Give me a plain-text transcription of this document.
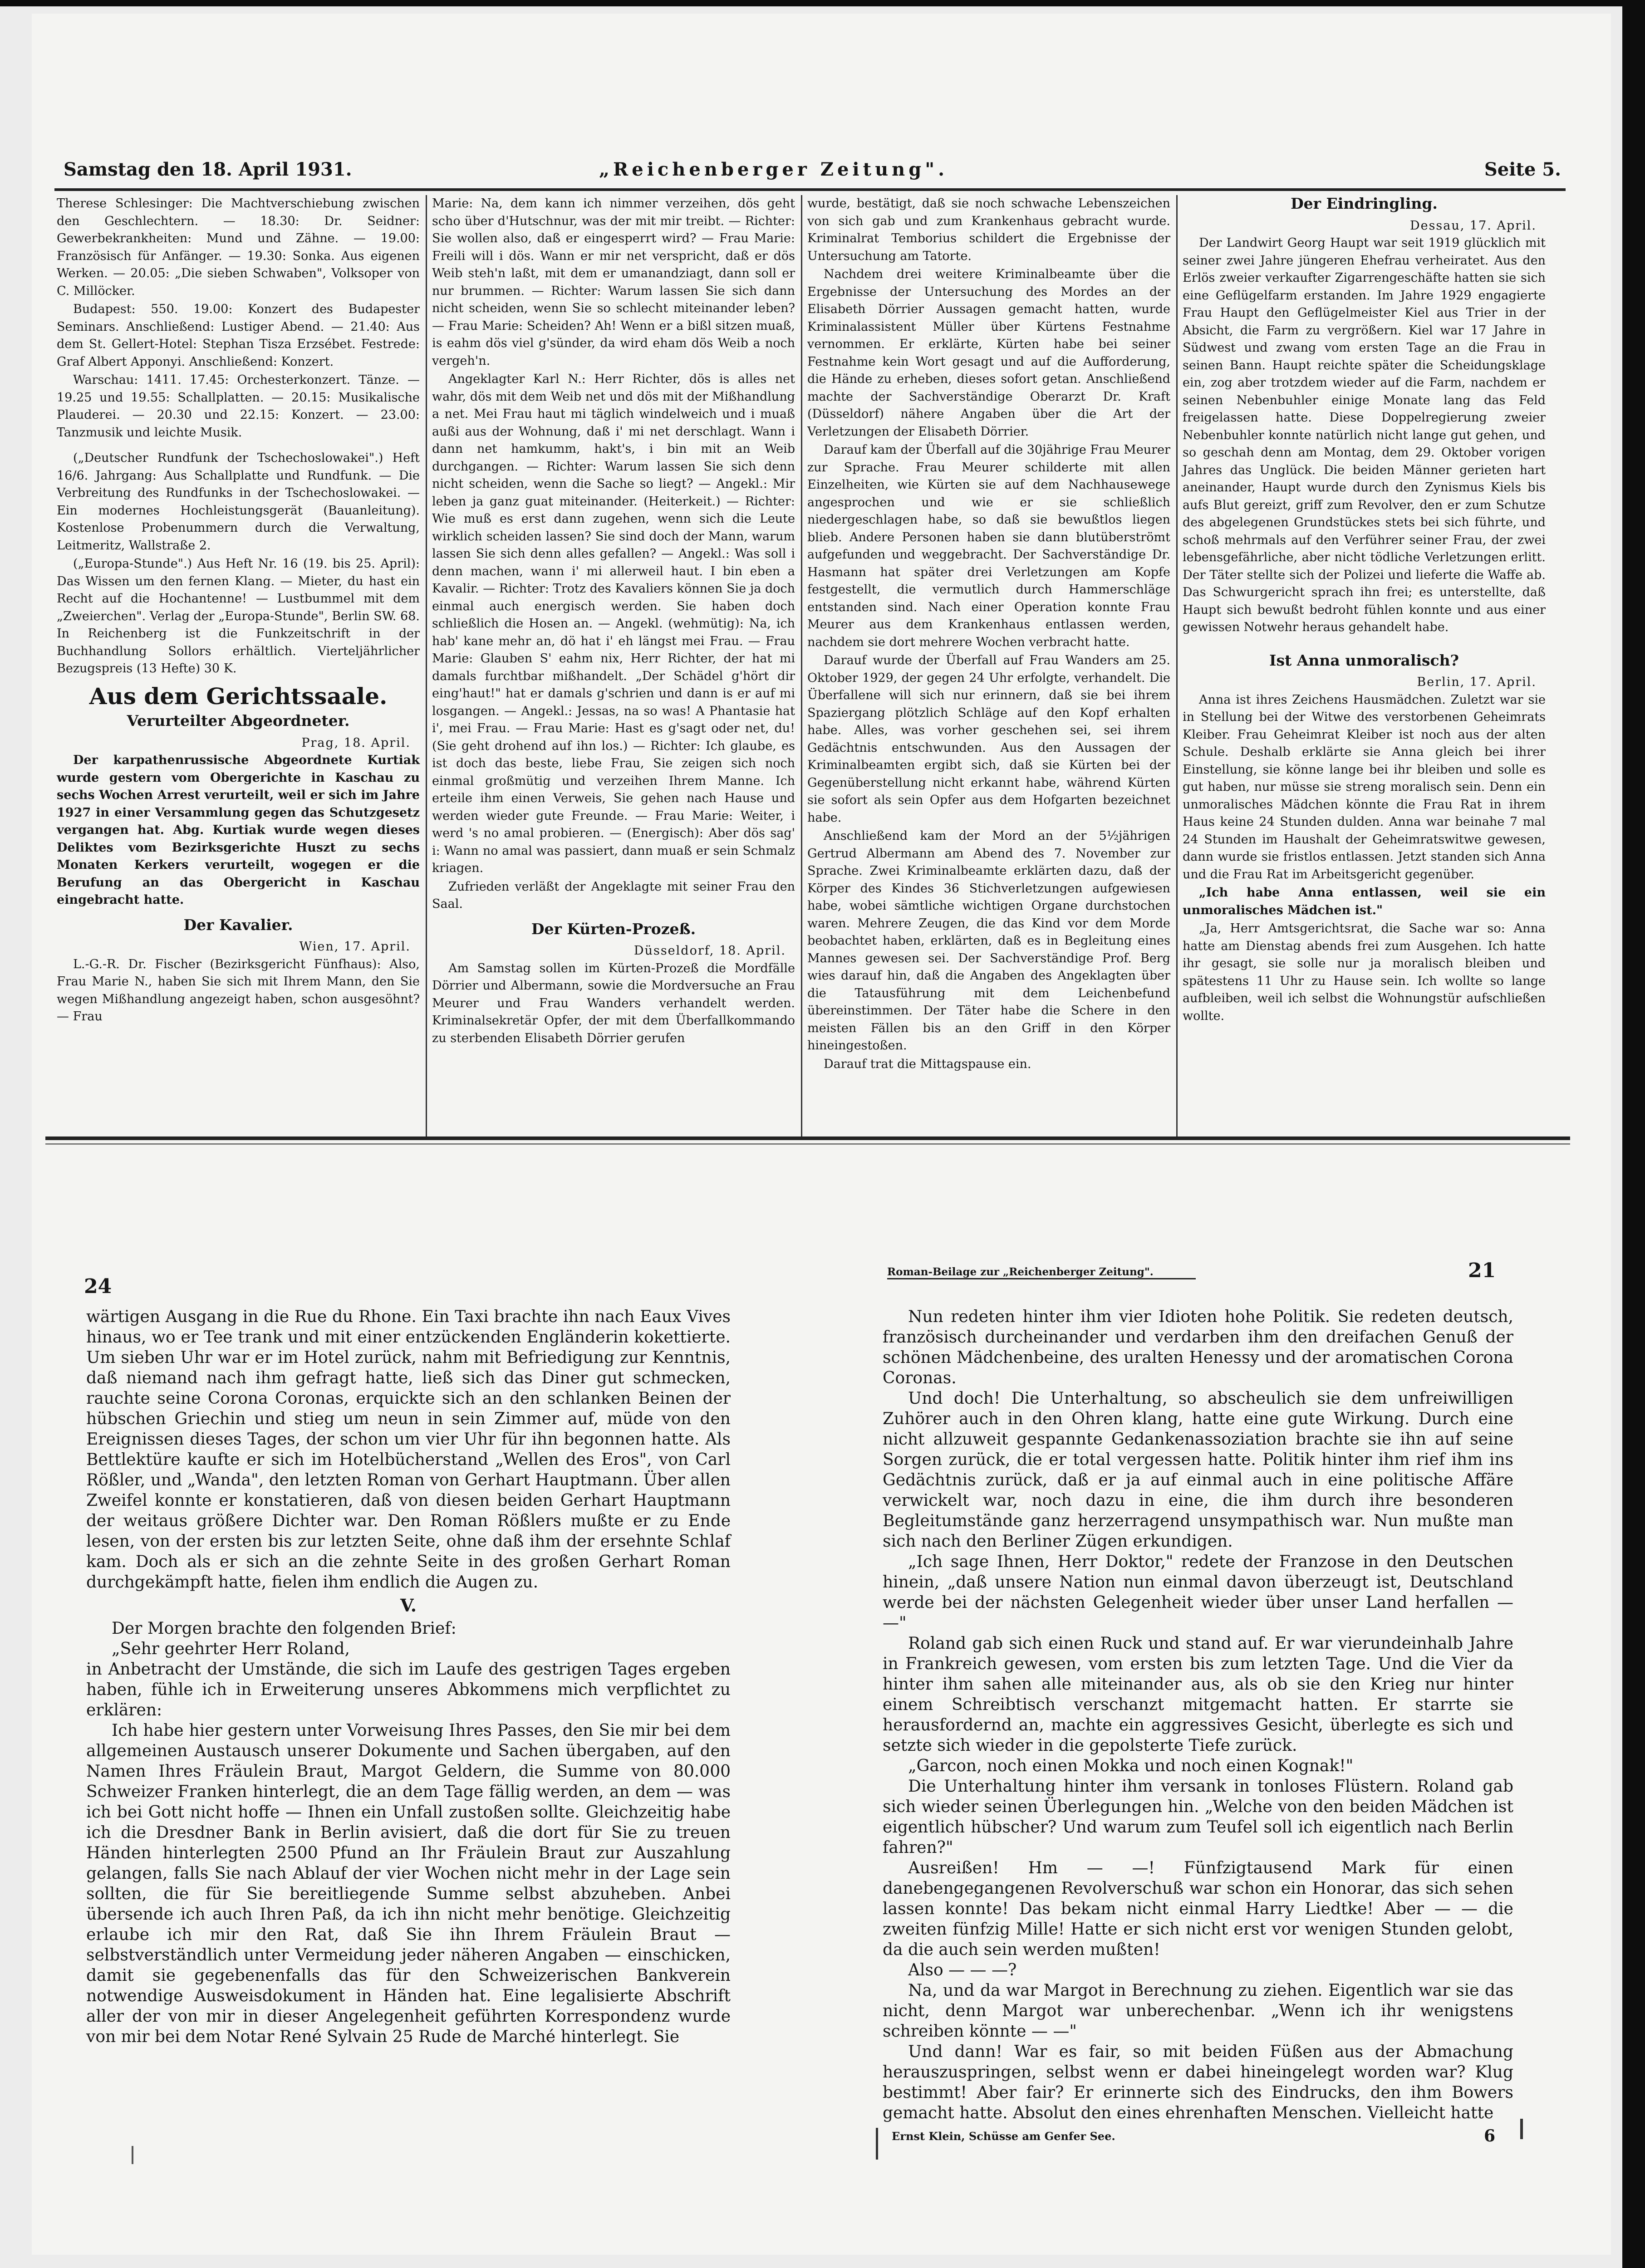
Samstag den 18. April 1931.	„Reichenberger Zeitung".	Seite 5.

Therese Schlesinger: Die Machtverschiebung zwischen den Geschlechtern. — 18.30: Dr. Seidner: Gewerbekrankheiten: Mund und Zähne. — 19.00: Französisch für Anfänger. — 19.30: Sonka. Aus eigenen Werken. — 20.05: „Die sieben Schwaben", Volksoper von C. Millöcker.

Budapest: 550. 19.00: Konzert des Budapester Seminars. Anschließend: Lustiger Abend. — 21.40: Aus dem St. Gellert-Hotel: Stephan Tisza Erzsébet. Festrede: Graf Albert Apponyi. Anschließend: Konzert.

Warschau: 1411. 17.45: Orchesterkonzert. Tänze. — 19.25 und 19.55: Schallplatten. — 20.15: Musikalische Plauderei. — 20.30 und 22.15: Konzert. — 23.00: Tanzmusik und leichte Musik.

(„Deutscher Rundfunk der Tschechoslowakei".) Heft 16/6. Jahrgang: Aus Schallplatte und Rundfunk. — Die Verbreitung des Rundfunks in der Tschechoslowakei. — Ein modernes Hochleistungsgerät (Bauanleitung). Kostenlose Probenummern durch die Verwaltung, Leitmeritz, Wallstraße 2.

(„Europa-Stunde".) Aus Heft Nr. 16 (19. bis 25. April): Das Wissen um den fernen Klang. — Mieter, du hast ein Recht auf die Hochantenne! — Lustbummel mit dem „Zweierchen". Verlag der „Europa-Stunde", Berlin SW. 68. In Reichenberg ist die Funkzeitschrift in der Buchhandlung Sollors erhältlich. Vierteljährlicher Bezugspreis (13 Hefte) 30 K.

Aus dem Gerichtssaale.
Verurteilter Abgeordneter.
Prag, 18. April.

Der karpathenrussische Abgeordnete Kurtiak wurde gestern vom Obergerichte in Kaschau zu sechs Wochen Arrest verurteilt, weil er sich im Jahre 1927 in einer Versammlung gegen das Schutzgesetz vergangen hat. Abg. Kurtiak wurde wegen dieses Deliktes vom Bezirksgerichte Huszt zu sechs Monaten Kerkers verurteilt, wogegen er die Berufung an das Obergericht in Kaschau eingebracht hatte.

Der Kavalier.
Wien, 17. April.

L.-G.-R. Dr. Fischer (Bezirksgericht Fünfhaus): Also, Frau Marie N., haben Sie sich mit Ihrem Mann, den Sie wegen Mißhandlung angezeigt haben, schon ausgesöhnt? — Frau

Marie: Na, dem kann ich nimmer verzeihen, dös geht scho über d'Hutschnur, was der mit mir treibt. — Richter: Sie wollen also, daß er eingesperrt wird? — Frau Marie: Freili will i dös. Wann er mir net verspricht, daß er dös Weib steh'n laßt, mit dem er umanandziagt, dann soll er nur brummen. — Richter: Warum lassen Sie sich dann nicht scheiden, wenn Sie so schlecht miteinander leben? — Frau Marie: Scheiden? Ah! Wenn er a bißl sitzen muaß, is eahm dös viel g'sünder, da wird eham dös Weib a noch vergeh'n.

Angeklagter Karl N.: Herr Richter, dös is alles net wahr, dös mit dem Weib net und dös mit der Mißhandlung a net. Mei Frau haut mi täglich windelweich und i muaß außi aus der Wohnung, daß i' mi net derschlagt. Wann i dann net hamkumm, hakt's, i bin mit an Weib durchgangen. — Richter: Warum lassen Sie sich denn nicht scheiden, wenn die Sache so liegt? — Angekl.: Mir leben ja ganz guat miteinander. (Heiterkeit.) — Richter: Wie muß es erst dann zugehen, wenn sich die Leute wirklich scheiden lassen? Sie sind doch der Mann, warum lassen Sie sich denn alles gefallen? — Angekl.: Was soll i denn machen, wann i' mi allerweil haut. I bin eben a Kavalir. — Richter: Trotz des Kavaliers können Sie ja doch einmal auch energisch werden. Sie haben doch schließlich die Hosen an. — Angekl. (wehmütig): Na, ich hab' kane mehr an, dö hat i' eh längst mei Frau. — Frau Marie: Glauben S' eahm nix, Herr Richter, der hat mi damals furchtbar mißhandelt. „Der Schädel g'hört dir eing'haut!" hat er damals g'schrien und dann is er auf mi losgangen. — Angekl.: Jessas, na so was! A Phantasie hat i', mei Frau. — Frau Marie: Hast es g'sagt oder net, du! (Sie geht drohend auf ihn los.) — Richter: Ich glaube, es ist doch das beste, liebe Frau, Sie zeigen sich noch einmal großmütig und verzeihen Ihrem Manne. Ich erteile ihm einen Verweis, Sie gehen nach Hause und werden wieder gute Freunde. — Frau Marie: Weiter, i werd 's no amal probieren. — (Energisch): Aber dös sag' i: Wann no amal was passiert, dann muaß er sein Schmalz kriagen.

Zufrieden verläßt der Angeklagte mit seiner Frau den Saal.

Der Kürten-Prozeß.
Düsseldorf, 18. April.

Am Samstag sollen im Kürten-Prozeß die Mordfälle Dörrier und Albermann, sowie die Mordversuche an Frau Meurer und Frau Wanders verhandelt werden. Kriminalsekretär Opfer, der mit dem Überfallkommando zu sterbenden Elisabeth Dörrier gerufen

wurde, bestätigt, daß sie noch schwache Lebenszeichen von sich gab und zum Krankenhaus gebracht wurde. Kriminalrat Temborius schildert die Ergebnisse der Untersuchung am Tatorte.

Nachdem drei weitere Kriminalbeamte über die Ergebnisse der Untersuchung des Mordes an der Elisabeth Dörrier Aussagen gemacht hatten, wurde Kriminalassistent Müller über Kürtens Festnahme vernommen. Er erklärte, Kürten habe bei seiner Festnahme kein Wort gesagt und auf die Aufforderung, die Hände zu erheben, dieses sofort getan. Anschließend machte der Sachverständige Oberarzt Dr. Kraft (Düsseldorf) nähere Angaben über die Art der Verletzungen der Elisabeth Dörrier.

Darauf kam der Überfall auf die 30jährige Frau Meurer zur Sprache. Frau Meurer schilderte mit allen Einzelheiten, wie Kürten sie auf dem Nachhausewege angesprochen und wie er sie schließlich niedergeschlagen habe, so daß sie bewußtlos liegen blieb. Andere Personen haben sie dann blutüberströmt aufgefunden und weggebracht. Der Sachverständige Dr. Hasmann hat später drei Verletzungen am Kopfe festgestellt, die vermutlich durch Hammerschläge entstanden sind. Nach einer Operation konnte Frau Meurer aus dem Krankenhaus entlassen werden, nachdem sie dort mehrere Wochen verbracht hatte.

Darauf wurde der Überfall auf Frau Wanders am 25. Oktober 1929, der gegen 24 Uhr erfolgte, verhandelt. Die Überfallene will sich nur erinnern, daß sie bei ihrem Spaziergang plötzlich Schläge auf den Kopf erhalten habe. Alles, was vorher geschehen sei, sei ihrem Gedächtnis entschwunden. Aus den Aussagen der Kriminalbeamten ergibt sich, daß sie Kürten bei der Gegenüberstellung nicht erkannt habe, während Kürten sie sofort als sein Opfer aus dem Hofgarten bezeichnet habe.

Anschließend kam der Mord an der 5½jährigen Gertrud Albermann am Abend des 7. November zur Sprache. Zwei Kriminalbeamte erklärten dazu, daß der Körper des Kindes 36 Stichverletzungen aufgewiesen habe, wobei sämtliche wichtigen Organe durchstochen waren. Mehrere Zeugen, die das Kind vor dem Morde beobachtet haben, erklärten, daß es in Begleitung eines Mannes gewesen sei. Der Sachverständige Prof. Berg wies darauf hin, daß die Angaben des Angeklagten über die Tatausführung mit dem Leichenbefund übereinstimmen. Der Täter habe die Schere in den meisten Fällen bis an den Griff in den Körper hineingestoßen.

Darauf trat die Mittagspause ein.

Der Eindringling.
Dessau, 17. April.

Der Landwirt Georg Haupt war seit 1919 glücklich mit seiner zwei Jahre jüngeren Ehefrau verheiratet. Aus den Erlös zweier verkaufter Zigarrengeschäfte hatten sie sich eine Geflügelfarm erstanden. Im Jahre 1929 engagierte Frau Haupt den Geflügelmeister Kiel aus Trier in der Absicht, die Farm zu vergrößern. Kiel war 17 Jahre in Südwest und zwang vom ersten Tage an die Frau in seinen Bann. Haupt reichte später die Scheidungsklage ein, zog aber trotzdem wieder auf die Farm, nachdem er seinen Nebenbuhler einige Monate lang das Feld freigelassen hatte. Diese Doppelregierung zweier Nebenbuhler konnte natürlich nicht lange gut gehen, und so geschah denn am Montag, dem 29. Oktober vorigen Jahres das Unglück. Die beiden Männer gerieten hart aneinander, Haupt wurde durch den Zynismus Kiels bis aufs Blut gereizt, griff zum Revolver, den er zum Schutze des abgelegenen Grundstückes stets bei sich führte, und schoß mehrmals auf den Verführer seiner Frau, der zwei lebensgefährliche, aber nicht tödliche Verletzungen erlitt. Der Täter stellte sich der Polizei und lieferte die Waffe ab. Das Schwurgericht sprach ihn frei; es unterstellte, daß Haupt sich bewußt bedroht fühlen konnte und aus einer gewissen Notwehr heraus gehandelt habe.

Ist Anna unmoralisch?
Berlin, 17. April.

Anna ist ihres Zeichens Hausmädchen. Zuletzt war sie in Stellung bei der Witwe des verstorbenen Geheimrats Kleiber. Frau Geheimrat Kleiber ist noch aus der alten Schule. Deshalb erklärte sie Anna gleich bei ihrer Einstellung, sie könne lange bei ihr bleiben und solle es gut haben, nur müsse sie streng moralisch sein. Denn ein unmoralisches Mädchen könnte die Frau Rat in ihrem Haus keine 24 Stunden dulden. Anna war beinahe 7 mal 24 Stunden im Haushalt der Geheimratswitwe gewesen, dann wurde sie fristlos entlassen. Jetzt standen sich Anna und die Frau Rat im Arbeitsgericht gegenüber.

„Ich habe Anna entlassen, weil sie ein unmoralisches Mädchen ist."

„Ja, Herr Amtsgerichtsrat, die Sache war so: Anna hatte am Dienstag abends frei zum Ausgehen. Ich hatte ihr gesagt, sie solle nur ja moralisch bleiben und spätestens 11 Uhr zu Hause sein. Ich wollte so lange aufbleiben, weil ich selbst die Wohnungstür aufschließen wollte.

24
21
Roman-Beilage zur „Reichenberger Zeitung".

wärtigen Ausgang in die Rue du Rhone. Ein Taxi brachte ihn nach Eaux Vives hinaus, wo er Tee trank und mit einer entzückenden Engländerin kokettierte. Um sieben Uhr war er im Hotel zurück, nahm mit Befriedigung zur Kenntnis, daß niemand nach ihm gefragt hatte, ließ sich das Diner gut schmecken, rauchte seine Corona Coronas, erquickte sich an den schlanken Beinen der hübschen Griechin und stieg um neun in sein Zimmer auf, müde von den Ereignissen dieses Tages, der schon um vier Uhr für ihn begonnen hatte. Als Bettlektüre kaufte er sich im Hotelbücherstand „Wellen des Eros", von Carl Rößler, und „Wanda", den letzten Roman von Gerhart Hauptmann. Über allen Zweifel konnte er konstatieren, daß von diesen beiden Gerhart Hauptmann der weitaus größere Dichter war. Den Roman Rößlers mußte er zu Ende lesen, von der ersten bis zur letzten Seite, ohne daß ihm der ersehnte Schlaf kam. Doch als er sich an die zehnte Seite in des großen Gerhart Roman durchgekämpft hatte, fielen ihm endlich die Augen zu.

V.

Der Morgen brachte den folgenden Brief:

„Sehr geehrter Herr Roland,

in Anbetracht der Umstände, die sich im Laufe des gestrigen Tages ergeben haben, fühle ich in Erweiterung unseres Abkommens mich verpflichtet zu erklären:

Ich habe hier gestern unter Vorweisung Ihres Passes, den Sie mir bei dem allgemeinen Austausch unserer Dokumente und Sachen übergaben, auf den Namen Ihres Fräulein Braut, Margot Geldern, die Summe von 80.000 Schweizer Franken hinterlegt, die an dem Tage fällig werden, an dem — was ich bei Gott nicht hoffe — Ihnen ein Unfall zustoßen sollte. Gleichzeitig habe ich die Dresdner Bank in Berlin avisiert, daß die dort für Sie zu treuen Händen hinterlegten 2500 Pfund an Ihr Fräulein Braut zur Auszahlung gelangen, falls Sie nach Ablauf der vier Wochen nicht mehr in der Lage sein sollten, die für Sie bereitliegende Summe selbst abzuheben. Anbei übersende ich auch Ihren Paß, da ich ihn nicht mehr benötige. Gleichzeitig erlaube ich mir den Rat, daß Sie ihn Ihrem Fräulein Braut — selbstverständlich unter Vermeidung jeder näheren Angaben — einschicken, damit sie gegebenenfalls das für den Schweizerischen Bankverein notwendige Ausweisdokument in Händen hat. Eine legalisierte Abschrift aller der von mir in dieser Angelegenheit geführten Korrespondenz wurde von mir bei dem Notar René Sylvain 25 Rude de Marché hinterlegt. Sie

Nun redeten hinter ihm vier Idioten hohe Politik. Sie redeten deutsch, französisch durcheinander und verdarben ihm den dreifachen Genuß der schönen Mädchenbeine, des uralten Henessy und der aromatischen Corona Coronas.

Und doch! Die Unterhaltung, so abscheulich sie dem unfreiwilligen Zuhörer auch in den Ohren klang, hatte eine gute Wirkung. Durch eine nicht allzuweit gespannte Gedankenassoziation brachte sie ihn auf seine Sorgen zurück, die er total vergessen hatte. Politik hinter ihm rief ihm ins Gedächtnis zurück, daß er ja auf einmal auch in eine politische Affäre verwickelt war, noch dazu in eine, die ihm durch ihre besonderen Begleitumstände ganz herzerragend unsympathisch war. Nun mußte man sich nach den Berliner Zügen erkundigen.

„Ich sage Ihnen, Herr Doktor," redete der Franzose in den Deutschen hinein, „daß unsere Nation nun einmal davon überzeugt ist, Deutschland werde bei der nächsten Gelegenheit wieder über unser Land herfallen — —"

Roland gab sich einen Ruck und stand auf. Er war vierundeinhalb Jahre in Frankreich gewesen, vom ersten bis zum letzten Tage. Und die Vier da hinter ihm sahen alle miteinander aus, als ob sie den Krieg nur hinter einem Schreibtisch verschanzt mitgemacht hatten. Er starrte sie herausfordernd an, machte ein aggressives Gesicht, überlegte es sich und setzte sich wieder in die gepolsterte Tiefe zurück.

„Garcon, noch einen Mokka und noch einen Kognak!"

Die Unterhaltung hinter ihm versank in tonloses Flüstern. Roland gab sich wieder seinen Überlegungen hin. „Welche von den beiden Mädchen ist eigentlich hübscher? Und warum zum Teufel soll ich eigentlich nach Berlin fahren?"

Ausreißen! Hm — —! Fünfzigtausend Mark für einen danebengegangenen Revolverschuß war schon ein Honorar, das sich sehen lassen konnte! Das bekam nicht einmal Harry Liedtke! Aber — — die zweiten fünfzig Mille! Hatte er sich nicht erst vor wenigen Stunden gelobt, da die auch sein werden mußten!

Also — — —?

Na, und da war Margot in Berechnung zu ziehen. Eigentlich war sie das nicht, denn Margot war unberechenbar. „Wenn ich ihr wenigstens schreiben könnte — —"

Und dann! War es fair, so mit beiden Füßen aus der Abmachung herauszuspringen, selbst wenn er dabei hineingelegt worden war? Klug bestimmt! Aber fair? Er erinnerte sich des Eindrucks, den ihm Bowers gemacht hatte. Absolut den eines ehrenhaften Menschen. Vielleicht hatte

Ernst Klein, Schüsse am Genfer See.	6
